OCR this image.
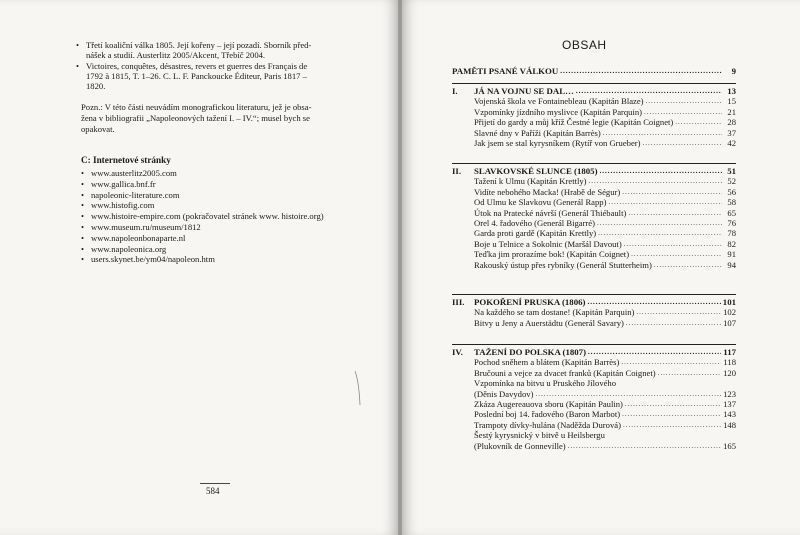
• Třetí koaliční válka 1805. Její kořeny – její pozadí. Sborník před-
nášek a studií. Austerlitz 2005/Akcent, Třebíč 2004.
• Victoires, conquêtes, désastres, revers et guerres des Français de
1792 à 1815, T. 1–26. C. L. F. Panckoucke Éditeur, Paris 1817 –
1820.
Pozn.: V této části neuvádím monografickou literaturu, jež je obsa-
žena v bibliografii „Napoleonových tažení I. – IV.“; musel bych se
opakovat.
C: Internetové stránky
• www.austerlitz2005.com
• www.gallica.bnf.fr
• napoleonic-literature.com
• www.histofig.com
• www.histoire-empire.com (pokračovatel stránek www. histoire.org)
• www.museum.ru/museum/1812
• www.napoleonbonaparte.nl
• www.napoleonica.org
• users.skynet.be/ym04/napoleon.htm
584
OBSAH
PAMĚTI PSANÉ VÁLKOU .....	9
I. JÁ NA VOJNU SE DAL… .....	13
Vojenská škola ve Fontainebleau (Kapitán Blaze) .....	15
Vzpomínky jízdního myslivce (Kapitán Parquin) .....	21
Přijetí do gardy a můj kříž Čestné legie (Kapitán Coignet) .....	28
Slavné dny v Paříži (Kapitán Barrès) .....	37
Jak jsem se stal kyrysníkem (Rytíř von Grueber) .....	42
II. SLAVKOVSKÉ SLUNCE (1805) .....	51
Tažení k Ulmu (Kapitán Krettly) .....	52
Vidíte nebohého Macka! (Hrabě de Ségur) .....	56
Od Ulmu ke Slavkovu (Generál Rapp) .....	58
Útok na Pratecké návrší (Generál Thiébault) .....	65
Orel 4. řadového (Generál Bigarré) .....	76
Garda proti gardě (Kapitán Krettly) .....	78
Boje u Telnice a Sokolnic (Maršál Davout) .....	82
Teďka jim prorazíme bok! (Kapitán Coignet) .....	91
Rakouský ústup přes rybníky (Generál Stutterheim) .....	94
III. POKOŘENÍ PRUSKA (1806) .....	101
Na každého se tam dostane! (Kapitán Parquin) .....	102
Bitvy u Jeny a Auerstädtu (Generál Savary) .....	107
IV. TAŽENÍ DO POLSKA (1807) .....	117
Pochod sněhem a blátem (Kapitán Barrès) .....	118
Bručouni a vejce za dvacet franků (Kapitán Coignet) .....	120
Vzpomínka na bitvu u Pruského Jílového
(Děnis Davydov) .....	123
Zkáza Augereauova sboru (Kapitán Paulin) .....	137
Poslední boj 14. řadového (Baron Marbot) .....	143
Trampoty dívky-hulána (Naděžda Durová) .....	148
Šestý kyrysnický v bitvě u Heilsbergu
(Plukovník de Gonneville) .....	165
